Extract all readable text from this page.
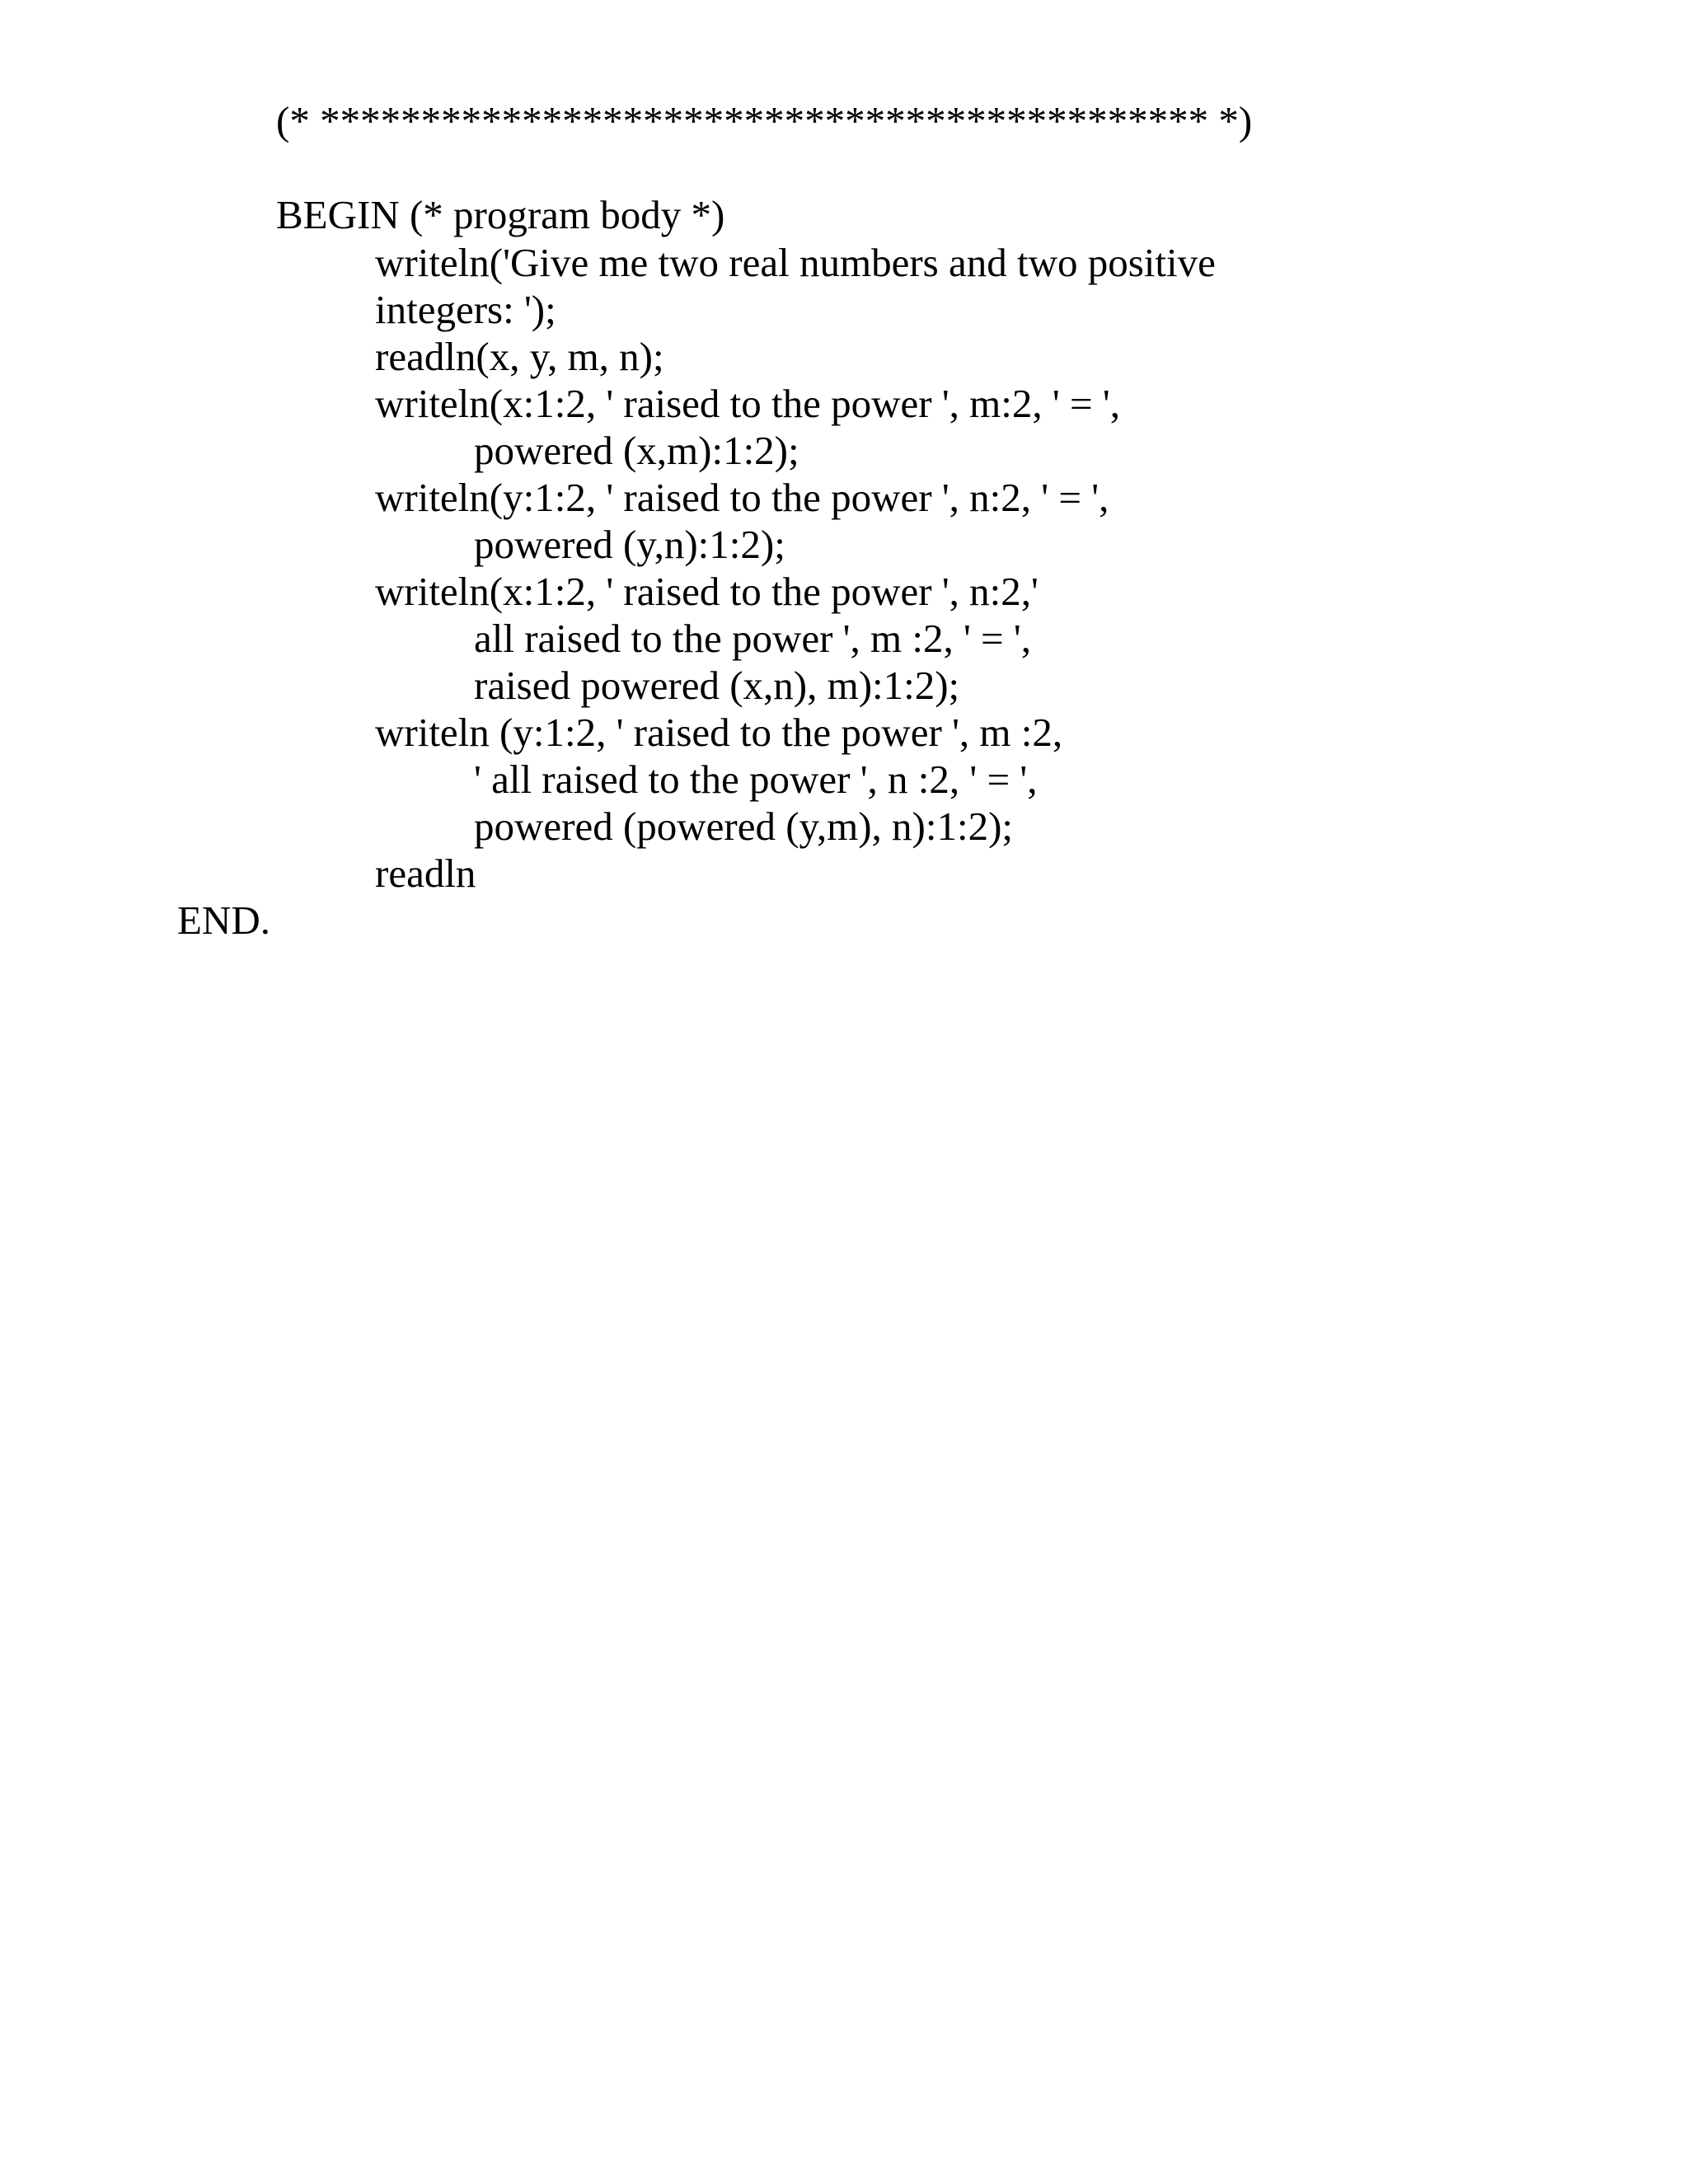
(* ******************************************** *)

BEGIN (* program body *)

writeln('Give me two real numbers and two positive

integers: ');

readln(x, y, m, n);

writeln(x:1:2, ' raised to the power ', m:2, ' = ',

powered (x,m):1:2);

writeln(y:1:2, ' raised to the power ', n:2, ' = ',

powered (y,n):1:2);

writeln(x:1:2, ' raised to the power ', n:2,'

all raised to the power ', m :2, ' = ',

raised powered (x,n), m):1:2);

writeln (y:1:2, ' raised to the power ', m :2,

' all raised to the power ', n :2, ' = ',

powered (powered (y,m), n):1:2);

readln

END.
